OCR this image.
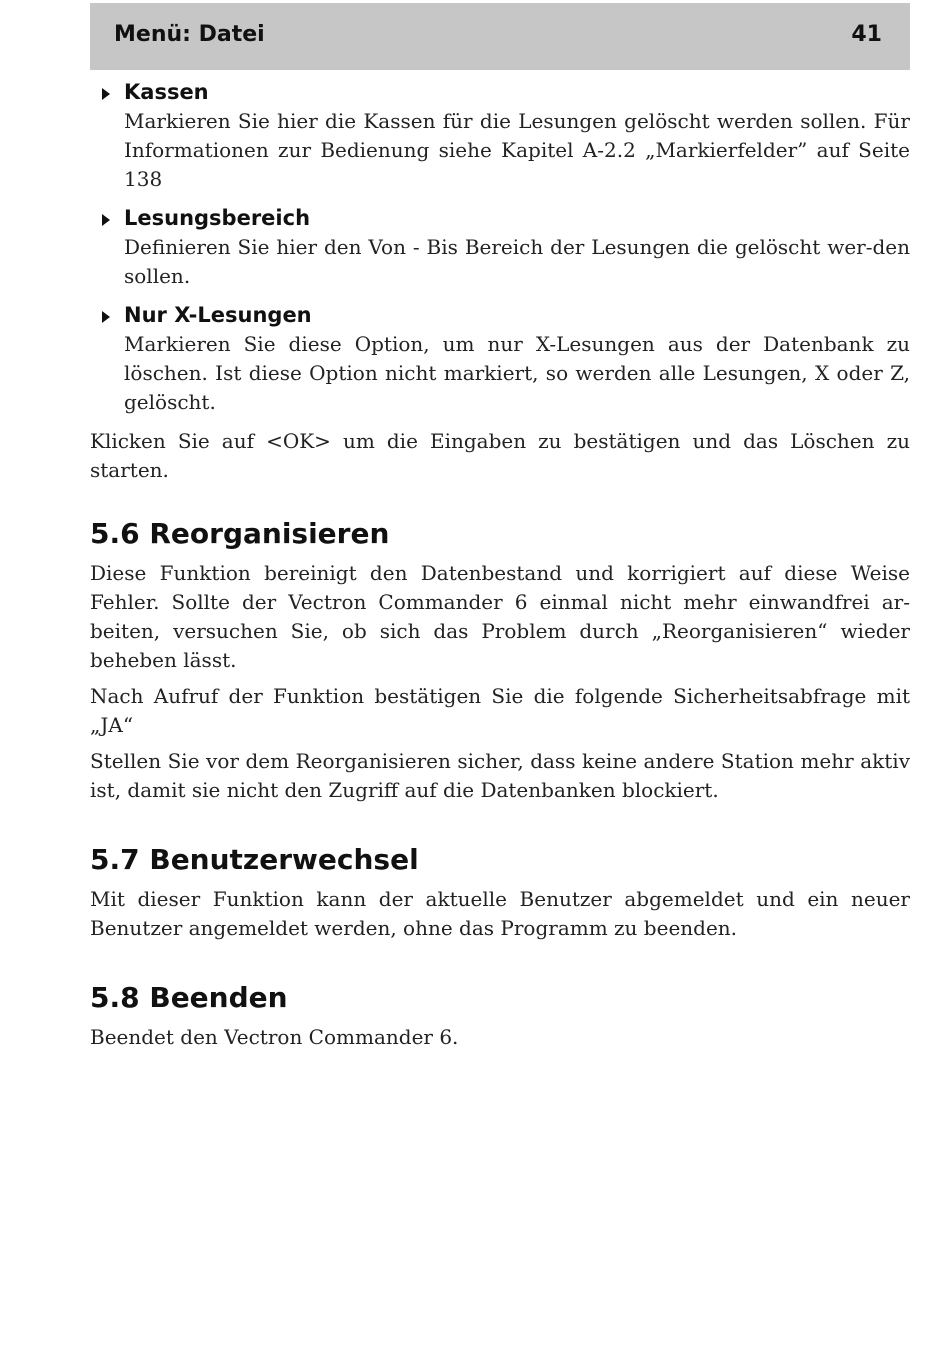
Menü: Datei	41
Kassen

Markieren Sie hier die Kassen für die Lesungen gelöscht werden sollen. Für Informationen zur Bedienung siehe Kapitel A-2.2 „Markierfelder” auf Seite 138

Lesungsbereich

Definieren Sie hier den Von - Bis Bereich der Lesungen die gelöscht wer-den sollen.

Nur X-Lesungen

Markieren Sie diese Option, um nur X-Lesungen aus der Datenbank zu löschen. Ist diese Option nicht markiert, so werden alle Lesungen, X oder Z, gelöscht.

Klicken Sie auf <OK> um die Eingaben zu bestätigen und das Löschen zu starten.

5.6 Reorganisieren

Diese Funktion bereinigt den Datenbestand und korrigiert auf diese Weise Fehler. Sollte der Vectron Commander 6 einmal nicht mehr einwandfrei ar-beiten, versuchen Sie, ob sich das Problem durch „Reorganisieren“ wieder beheben lässt.

Nach Aufruf der Funktion bestätigen Sie die folgende Sicherheitsabfrage mit „JA“

Stellen Sie vor dem Reorganisieren sicher, dass keine andere Station mehr aktiv ist, damit sie nicht den Zugriff auf die Datenbanken blockiert.

5.7 Benutzerwechsel

Mit dieser Funktion kann der aktuelle Benutzer abgemeldet und ein neuer Benutzer angemeldet werden, ohne das Programm zu beenden.

5.8 Beenden

Beendet den Vectron Commander 6.
